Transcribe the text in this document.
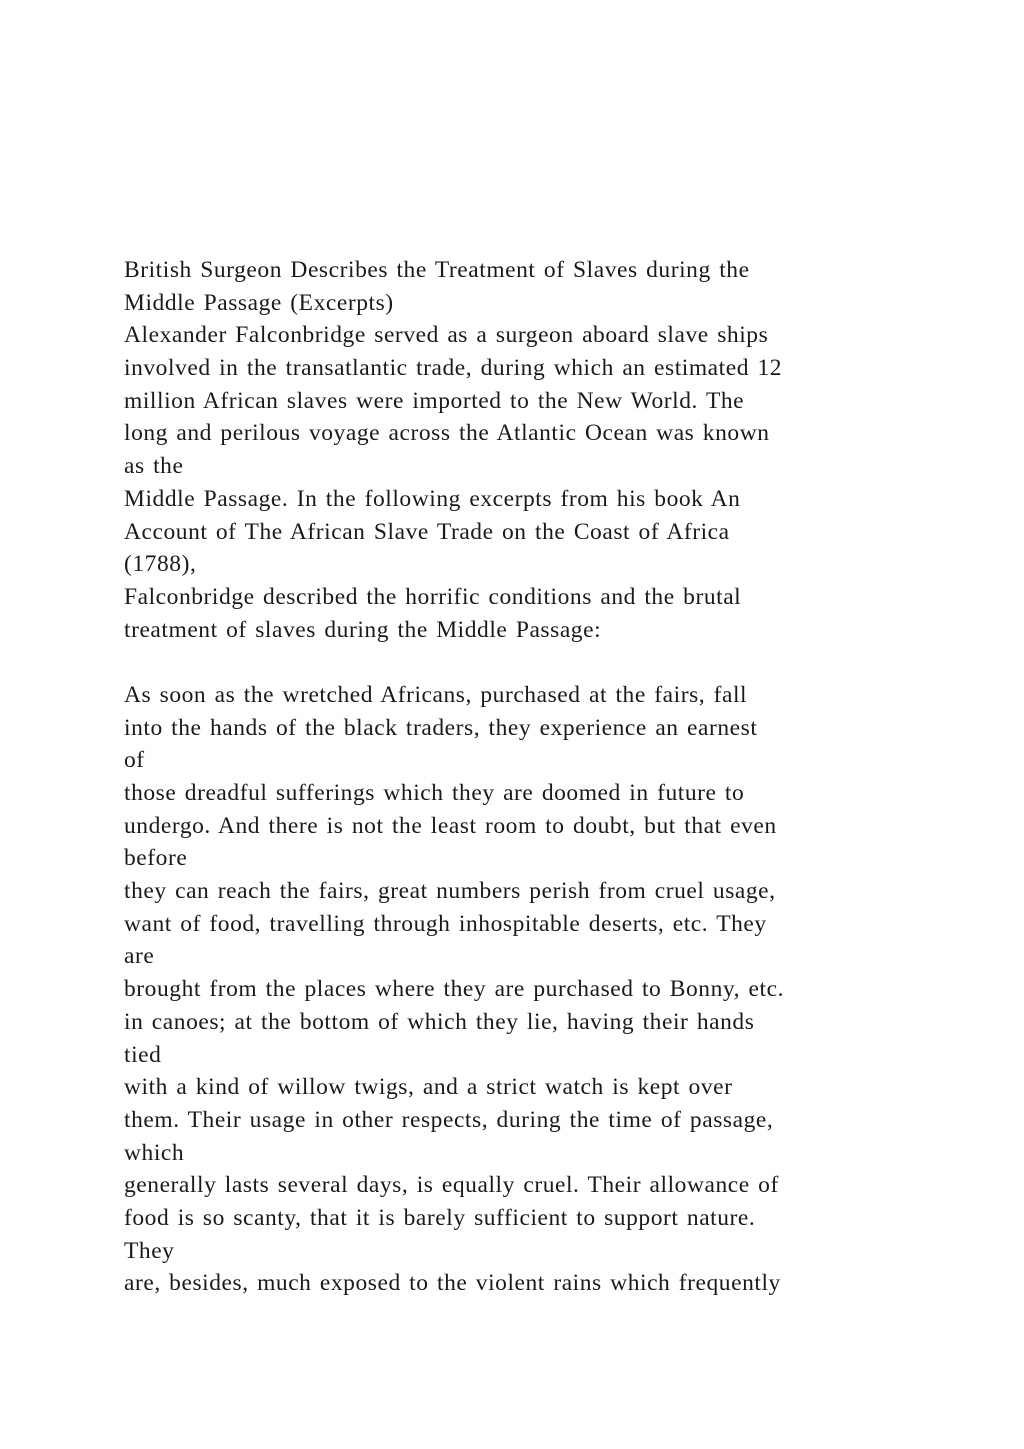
British Surgeon Describes the Treatment of Slaves during the
Middle Passage (Excerpts)
Alexander Falconbridge served as a surgeon aboard slave ships
involved in the transatlantic trade, during which an estimated 12
million African slaves were imported to the New World. The
long and perilous voyage across the Atlantic Ocean was known
as the
Middle Passage. In the following excerpts from his book An
Account of The African Slave Trade on the Coast of Africa
(1788),
Falconbridge described the horrific conditions and the brutal
treatment of slaves during the Middle Passage:
As soon as the wretched Africans, purchased at the fairs, fall
into the hands of the black traders, they experience an earnest
of
those dreadful sufferings which they are doomed in future to
undergo. And there is not the least room to doubt, but that even
before
they can reach the fairs, great numbers perish from cruel usage,
want of food, travelling through inhospitable deserts, etc. They
are
brought from the places where they are purchased to Bonny, etc.
in canoes; at the bottom of which they lie, having their hands
tied
with a kind of willow twigs, and a strict watch is kept over
them. Their usage in other respects, during the time of passage,
which
generally lasts several days, is equally cruel. Their allowance of
food is so scanty, that it is barely sufficient to support nature.
They
are, besides, much exposed to the violent rains which frequently
